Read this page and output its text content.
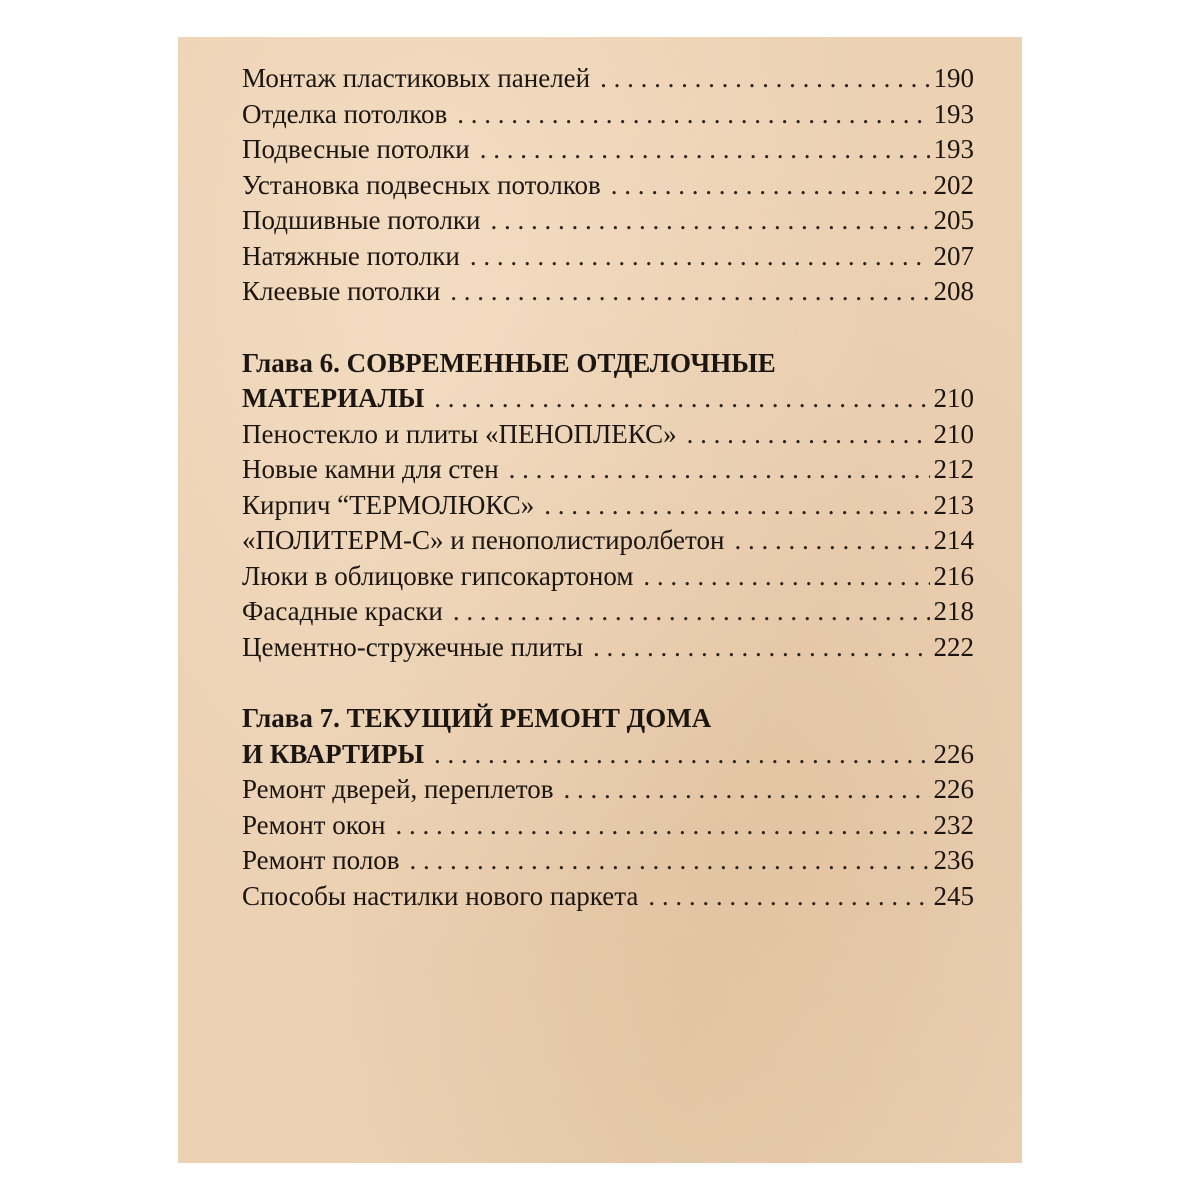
Монтаж пластиковых панелей . . .	190
Отделка потолков . . .	193
Подвесные потолки . . .	193
Установка подвесных потолков . . .	202
Подшивные потолки . . .	205
Натяжные потолки . . .	207
Клеевые потолки . . .	208
Глава 6. СОВРЕМЕННЫЕ ОТДЕЛОЧНЫЕ
МАТЕРИАЛЫ . . .	210
Пеностекло и плиты «ПЕНОПЛЕКС» . . .	210
Новые камни для стен . . .	212
Кирпич “ТЕРМОЛЮКС» . . .	213
«ПОЛИТЕРМ-С» и пенополистиролбетон . . .	214
Люки в облицовке гипсокартоном . . .	216
Фасадные краски . . .	218
Цементно-стружечные плиты . . .	222
Глава 7. ТЕКУЩИЙ РЕМОНТ ДОМА
И КВАРТИРЫ . . .	226
Ремонт дверей, переплетов . . .	226
Ремонт окон . . .	232
Ремонт полов . . .	236
Способы настилки нового паркета . . .	245
